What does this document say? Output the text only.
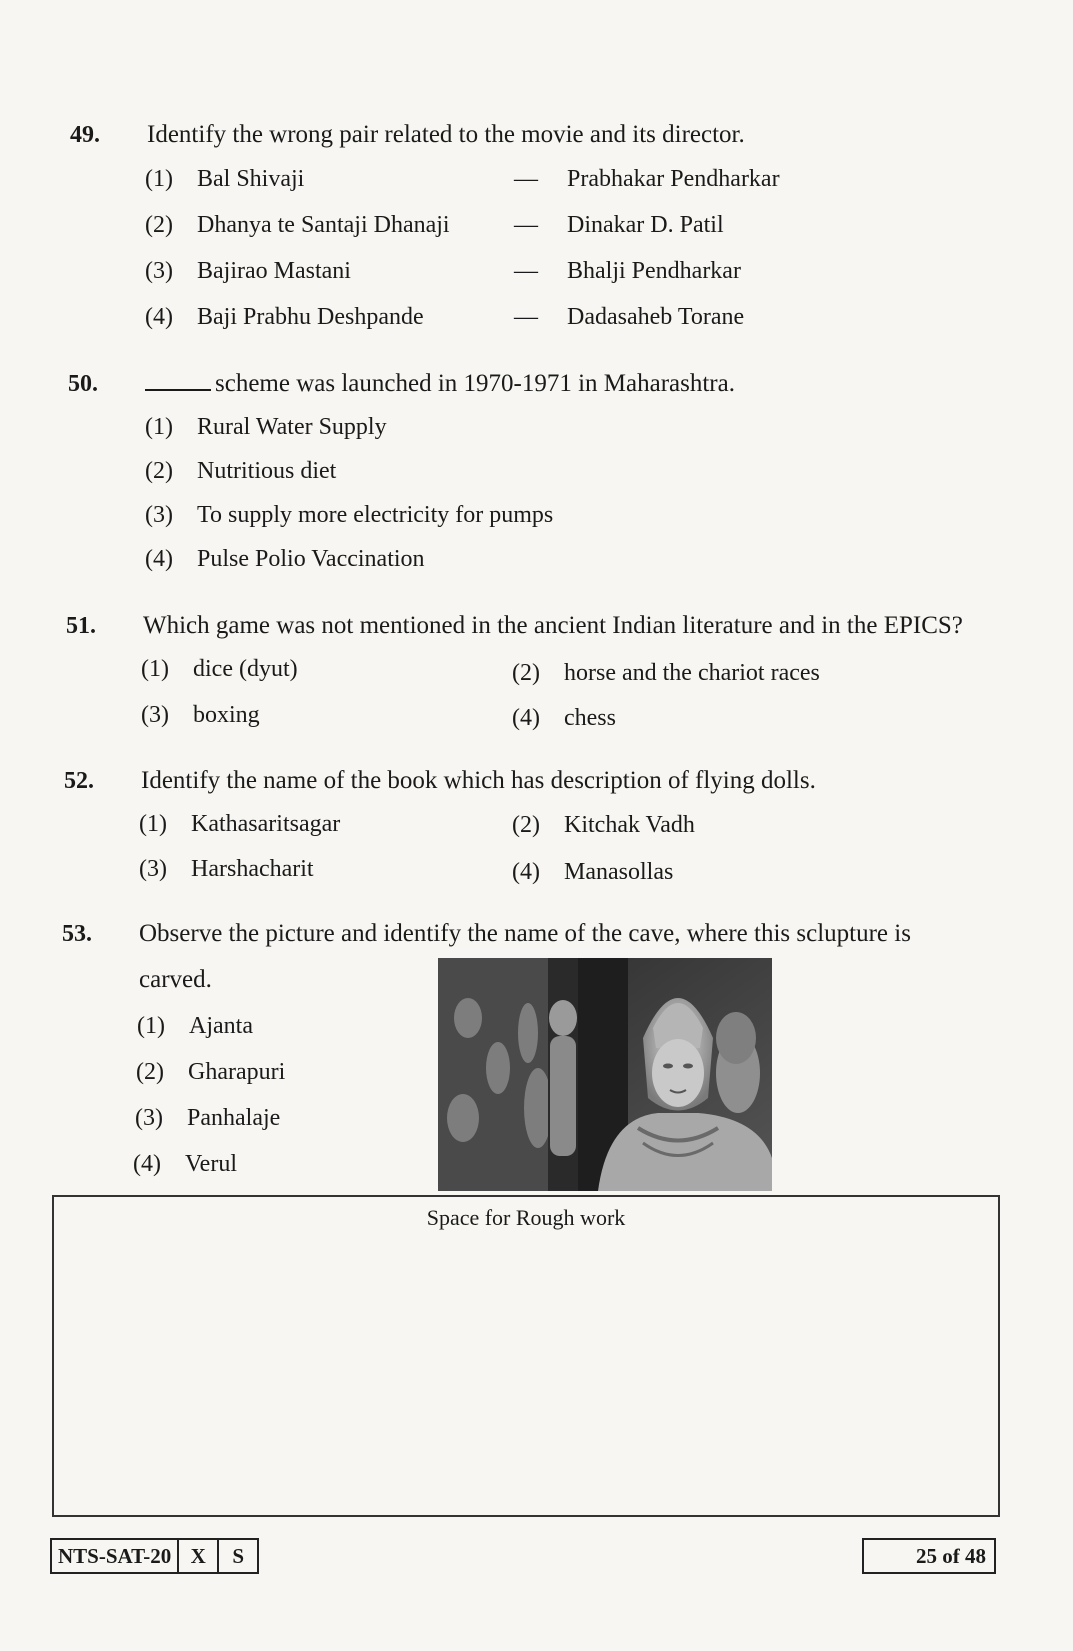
49. Identify the wrong pair related to the movie and its director.
(1) Bal Shivaji	— Prabhakar Pendharkar
(2) Dhanya te Santaji Dhanaji	— Dinakar D. Patil
(3) Bajirao Mastani	— Bhalji Pendharkar
(4) Baji Prabhu Deshpande	— Dadasaheb Torane
50.	scheme was launched in 1970-1971 in Maharashtra.
(1) Rural Water Supply
(2) Nutritious diet
(3) To supply more electricity for pumps
(4) Pulse Polio Vaccination
51. Which game was not mentioned in the ancient Indian literature and in the EPICS?
(1) dice (dyut)	(2) horse and the chariot races
(3) boxing	(4) chess
52. Identify the name of the book which has description of flying dolls.
(1) Kathasaritsagar	(2) Kitchak Vadh
(3) Harshacharit	(4) Manasollas
53. Observe the picture and identify the name of the cave, where this sclupture is
carved.
(1) Ajanta
(2) Gharapuri
(3) Panhalaje
(4) Verul
Space for Rough work
NTS-SAT-20 X	S	25 of 48
